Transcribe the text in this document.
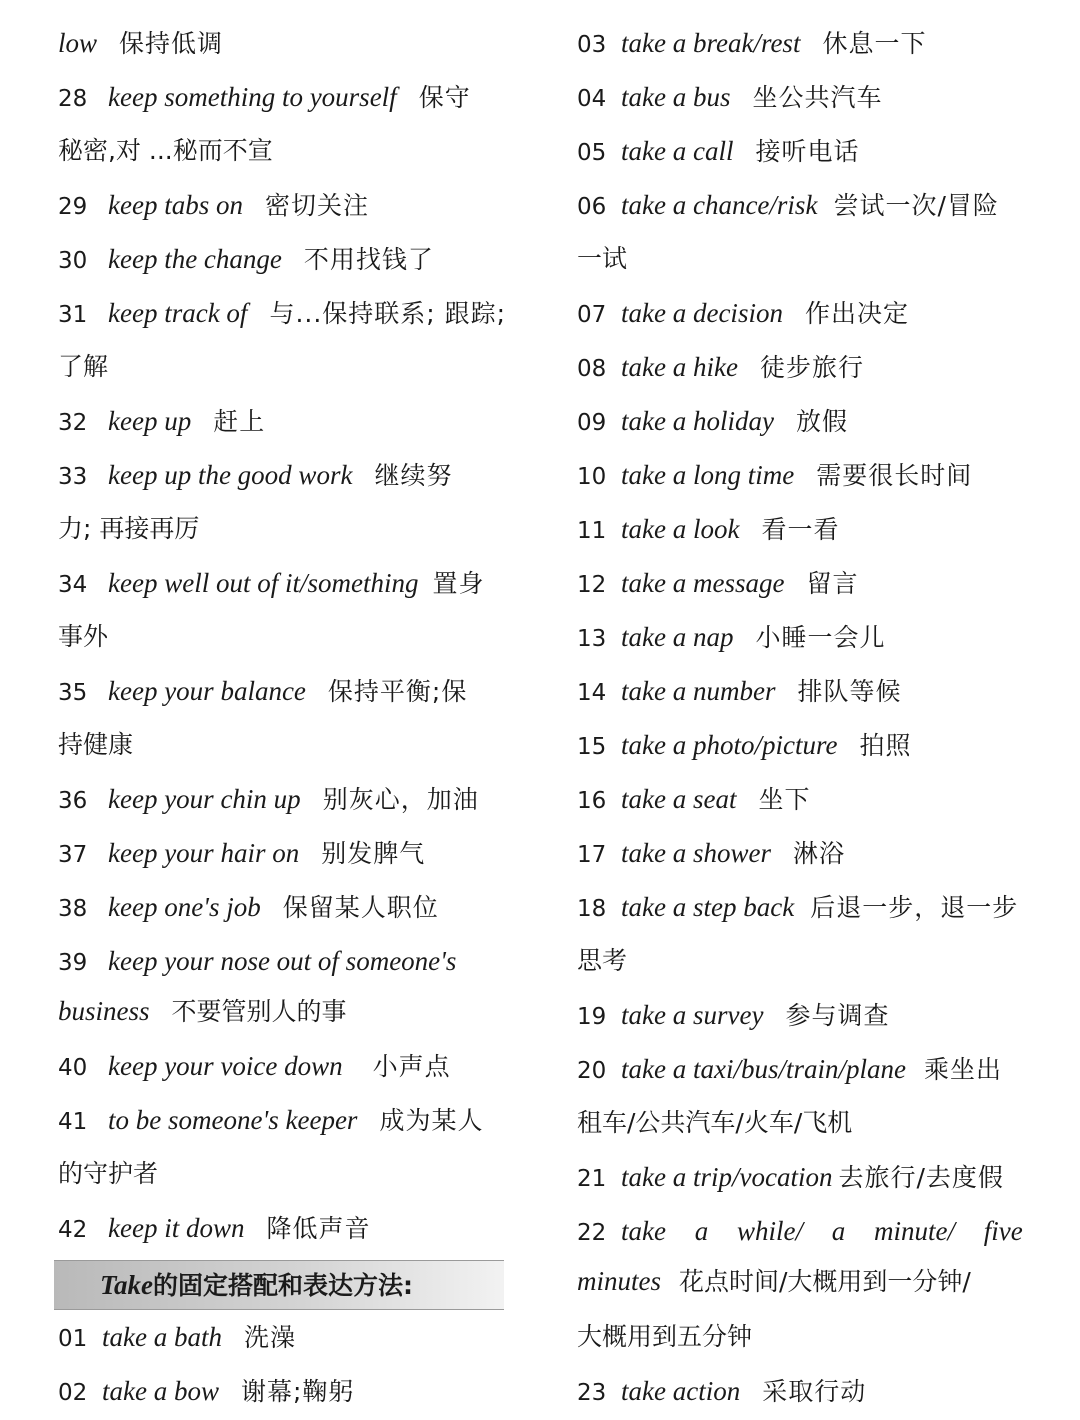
low 保持低调
28 keep something to yourself 保守
秘密,对 ...秘而不宣
29 keep tabs on 密切关注
30 keep the change 不用找钱了
31 keep track of 与...保持联系; 跟踪;
了解
32 keep up 赶上
33 keep up the good work 继续努
力; 再接再厉
34 keep well out of it/something 置身
事外
35 keep your balance 保持平衡;保
持健康
36 keep your chin up 别灰心，加油
37 keep your hair on 别发脾气
38 keep one's job 保留某人职位
39 keep your nose out of someone's
business 不要管别人的事
40 keep your voice down 小声点
41 to be someone's keeper 成为某人
的守护者
42 keep it down 降低声音
01 take a bath 洗澡
02 take a bow 谢幕;鞠躬
Take的固定搭配和表达方法:
03 take a break/rest 休息一下
04 take a bus 坐公共汽车
05 take a call 接听电话
06 take a chance/risk 尝试一次/冒险
一试
07 take a decision 作出决定
08 take a hike 徒步旅行
09 take a holiday 放假
10 take a long time 需要很长时间
11 take a look 看一看
12 take a message 留言
13 take a nap 小睡一会儿
14 take a number 排队等候
15 take a photo/picture 拍照
16 take a seat 坐下
17 take a shower 淋浴
18 take a step back 后退一步，退一步
思考
19 take a survey 参与调查
20 take a taxi/bus/train/plane 乘坐出
租车/公共汽车/火车/飞机
21 take a trip/vocation 去旅行/去度假
22 take a while/ a minute/ five
minutes 花点时间/大概用到一分钟/
大概用到五分钟
23 take action 采取行动
